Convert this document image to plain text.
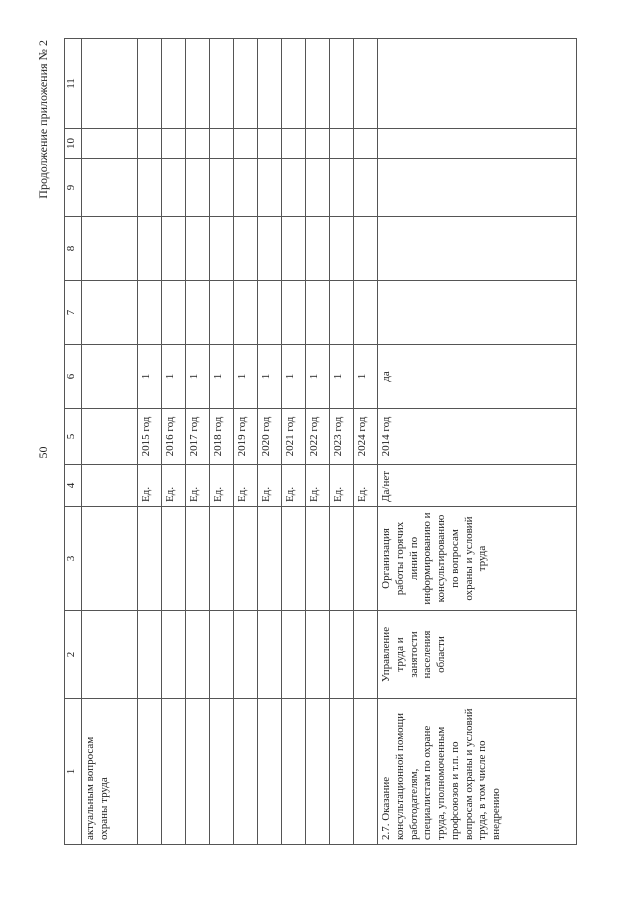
50
Продолжение приложения № 2
1	2	3	4	5	6	7	8	9	10	11
актуальным вопросам охраны труда										
			Ед.	2015 год	1					
			Ед.	2016 год	1					
			Ед.	2017 год	1					
			Ед.	2018 год	1					
			Ед.	2019 год	1					
			Ед.	2020 год	1					
			Ед.	2021 год	1					
			Ед.	2022 год	1					
			Ед.	2023 год	1					
			Ед.	2024 год	1					
2.7. Оказание консультационной помощи работодателям, специалистам по охране труда, уполномоченным профсоюзов и т.п. по вопросам охраны и условий труда, в том числе по внедрению	Управление труда и занятости населения области	Организация работы горячих линий по информированию и консультированию по вопросам охраны и условий труда	Да/нет	2014 год	да					
